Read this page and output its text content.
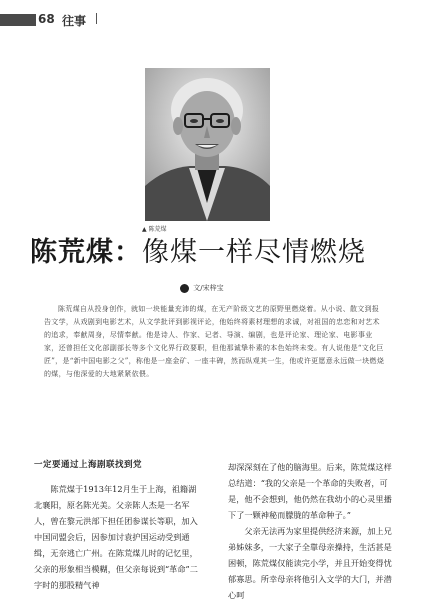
68 往事
▲ 陈荒煤
陈荒煤：像煤一样尽情燃烧
文/宋梓宝

陈荒煤自从投身创作，就如一块能量充沛的煤，在无产阶级文艺的原野里燃烧着。从小说、散文到报告文学，从戏剧到电影艺术，从文学批评到影视评论，他始终将素材理想的求诚，对祖国的忠恋和对艺术的追求，奉献周身，尽情奉献。他是诗人、作家、记者、导演、编剧，也是评论家、理论家、电影事业家，还曾担任文化部副部长等多个文化界行政要职，但他那诚挚朴素的本色始终未变。有人说他是“文化巨匠”，是“新中国电影之父”，称他是一座金矿、一座丰碑，然而纵观其一生，他或许更愿意永远做一块燃烧的煤，与他深爱的大地紧紧依偎。

一定要通过上海剧联找到党

陈荒煤于1913年12月生于上海，祖籍湖北襄阳，原名陈光美。父亲陈人杰是一名军人，曾在黎元洪部下担任团参谋长等职，加入中国同盟会后，因参加讨袁护国运动受到通缉，无奈逃亡广州。在陈荒煤儿时的记忆里，父亲的形象相当模糊，但父亲每说到“革命”二字时的那股精气神

却深深刻在了他的脑海里。后来，陈荒煤这样总结道：“我的父亲是一个革命的失败者，可是，他不会想到，他仍然在我幼小的心灵里播下了一颗神秘而朦胧的革命种子。”

父亲无法再为家里提供经济来源，加上兄弟姊妹多，一大家子全靠母亲操持，生活甚是困顿，陈荒煤仅能读完小学，并且开始变得忧郁寡思。所幸母亲将他引入文学的大门，并潜心呵
